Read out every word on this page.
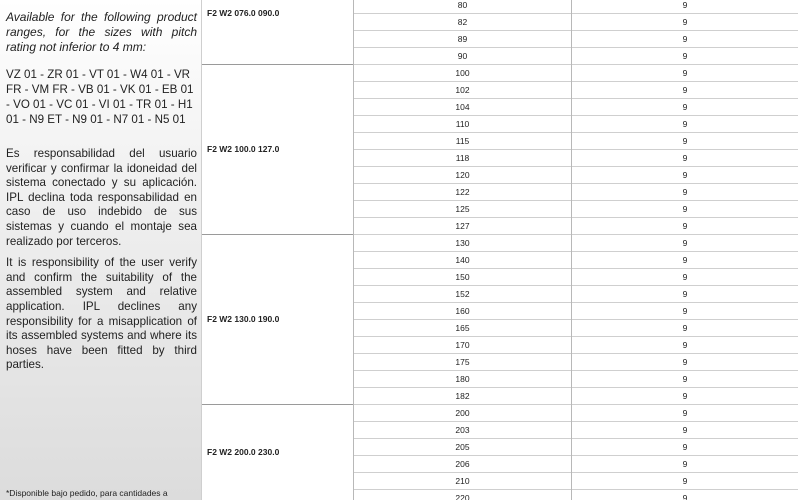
Available for the following product ranges, for the sizes with pitch rating not inferior to 4 mm:

VZ 01 - ZR 01 - VT 01 - W4 01 - VR FR - VM FR - VB 01 - VK 01 - EB 01 - VO 01 - VC 01 - VI 01 - TR 01 - H1 01 - N9 ET - N9 01 - N7 01 - N5 01

Es responsabilidad del usuario verificar y confirmar la idoneidad del sistema conectado y su aplicación. IPL declina toda responsabilidad en caso de uso indebido de sus sistemas y cuando el montaje sea realizado por terceros.

It is responsibility of the user verify and confirm the suitability of the assembled system and relative application. IPL declines any responsibility for a misapplication of its assembled systems and where its hoses have been fitted by third parties.

*Disponible bajo pedido, para cantidades a
F2 W2 076.0 090.0
80	9
82	9
89	9
90	9
F2 W2 100.0 127.0
100	9
102	9
104	9
110	9
115	9
118	9
120	9
122	9
125	9
127	9
F2 W2 130.0 190.0
130	9
140	9
150	9
152	9
160	9
165	9
170	9
175	9
180	9
182	9
F2 W2 200.0 230.0
200	9
203	9
205	9
206	9
210	9
220	9
